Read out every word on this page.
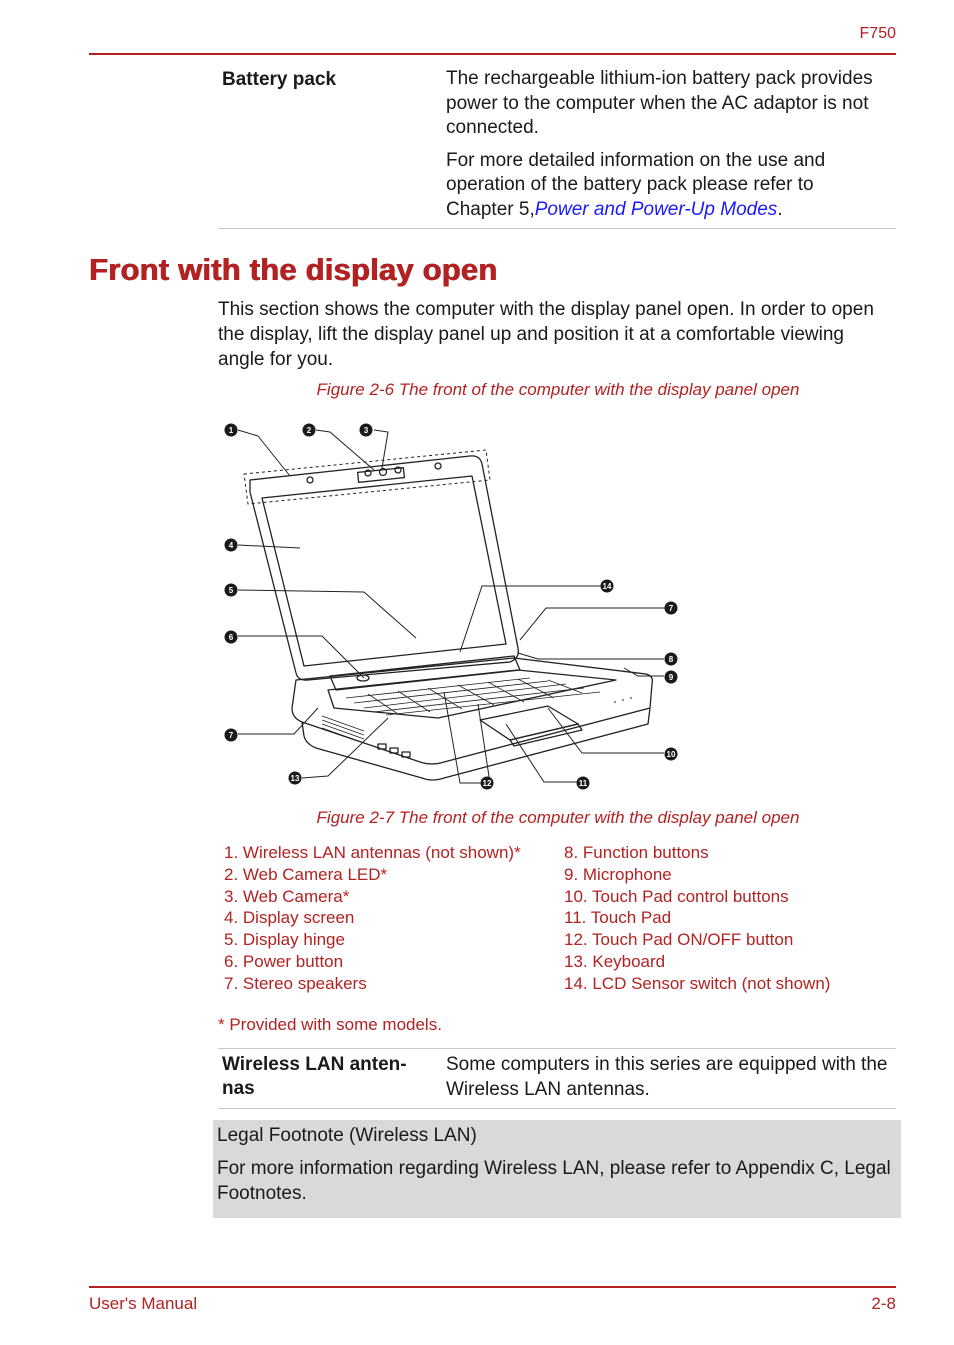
F750
Battery pack	The rechargeable lithium-ion battery pack provides power to the computer when the AC adaptor is not connected.

For more detailed information on the use and operation of the battery pack please refer to Chapter 5,Power and Power-Up Modes.

Front with the display open
This section shows the computer with the display panel open. In order to open the display, lift the display panel up and position it at a comfortable viewing angle for you.
Figure 2-6 The front of the computer with the display panel open
1	2	3
4
5
6
7
7
8
9
10
11
12
13
14
Figure 2-7 The front of the computer with the display panel open
1. Wireless LAN antennas (not shown)*
2. Web Camera LED*
3. Web Camera*
4. Display screen
5. Display hinge
6. Power button
7. Stereo speakers
8. Function buttons
9. Microphone
10. Touch Pad control buttons
11. Touch Pad
12. Touch Pad ON/OFF button
13. Keyboard
14. LCD Sensor switch (not shown)
* Provided with some models.
Wireless LAN anten-nas
Some computers in this series are equipped with the Wireless LAN antennas.
Legal Footnote (Wireless LAN)
For more information regarding Wireless LAN, please refer to Appendix C, Legal Footnotes.
User's Manual	2-8
